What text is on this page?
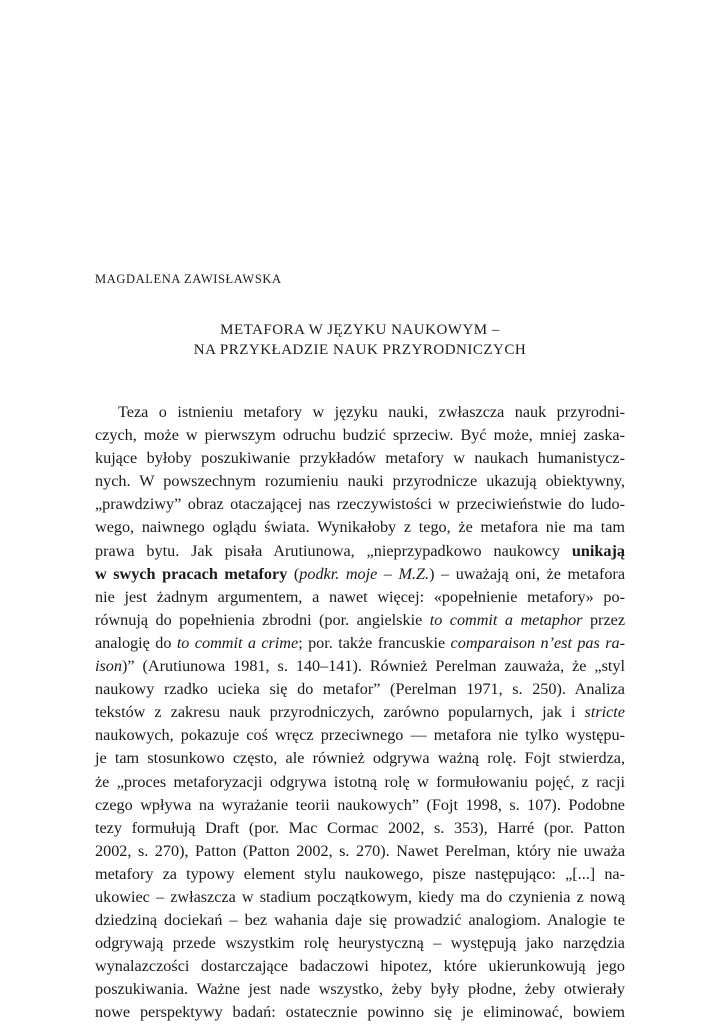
MAGDALENA ZAWISŁAWSKA

METAFORA W JĘZYKU NAUKOWYM –
NA PRZYKŁADZIE NAUK PRZYRODNICZYCH
Teza o istnieniu metafory w języku nauki, zwłaszcza nauk przyrodni-
czych, może w pierwszym odruchu budzić sprzeciw. Być może, mniej zaska-
kujące byłoby poszukiwanie przykładów metafory w naukach humanistycz-
nych. W powszechnym rozumieniu nauki przyrodnicze ukazują obiektywny,
„prawdziwy” obraz otaczającej nas rzeczywistości w przeciwieństwie do ludo-
wego, naiwnego oglądu świata. Wynikałoby z tego, że metafora nie ma tam
prawa bytu. Jak pisała Arutiunowa, „nieprzypadkowo naukowcy unikają
w swych pracach metafory (podkr. moje – M.Z.) – uważają oni, że metafora
nie jest żadnym argumentem, a nawet więcej: «popełnienie metafory» po-
równują do popełnienia zbrodni (por. angielskie to commit a metaphor przez
analogię do to commit a crime; por. także francuskie comparaison n’est pas ra-
ison)” (Arutiunowa 1981, s. 140–141). Również Perelman zauważa, że „styl
naukowy rzadko ucieka się do metafor” (Perelman 1971, s. 250). Analiza
tekstów z zakresu nauk przyrodniczych, zarówno popularnych, jak i stricte
naukowych, pokazuje coś wręcz przeciwnego — metafora nie tylko występu-
je tam stosunkowo często, ale również odgrywa ważną rolę. Fojt stwierdza,
że „proces metaforyzacji odgrywa istotną rolę w formułowaniu pojęć, z racji
czego wpływa na wyrażanie teorii naukowych” (Fojt 1998, s. 107). Podobne
tezy formułują Draft (por. Mac Cormac 2002, s. 353), Harré (por. Patton
2002, s. 270), Patton (Patton 2002, s. 270). Nawet Perelman, który nie uważa
metafory za typowy element stylu naukowego, pisze następująco: „[...] na-
ukowiec – zwłaszcza w stadium początkowym, kiedy ma do czynienia z nową
dziedziną dociekań – bez wahania daje się prowadzić analogiom. Analogie te
odgrywają przede wszystkim rolę heurystyczną – występują jako narzędzia
wynalazczości dostarczające badaczowi hipotez, które ukierunkowują jego
poszukiwania. Ważne jest nade wszystko, żeby były płodne, żeby otwierały
nowe perspektywy badań: ostatecznie powinno się je eliminować, bowiem
